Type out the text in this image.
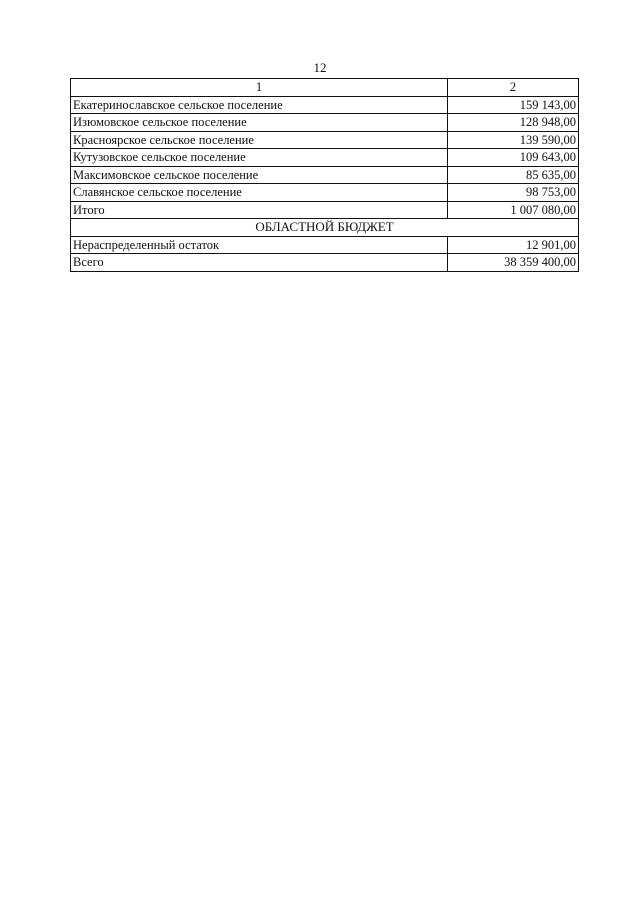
12
1	2
Екатеринославское сельское поселение	159 143,00
Изюмовское сельское поселение	128 948,00
Красноярское сельское поселение	139 590,00
Кутузовское сельское поселение	109 643,00
Максимовское сельское поселение	85 635,00
Славянское сельское поселение	98 753,00
Итого	1 007 080,00
ОБЛАСТНОЙ БЮДЖЕТ	
Нераспределенный остаток	12 901,00
Всего	38 359 400,00
